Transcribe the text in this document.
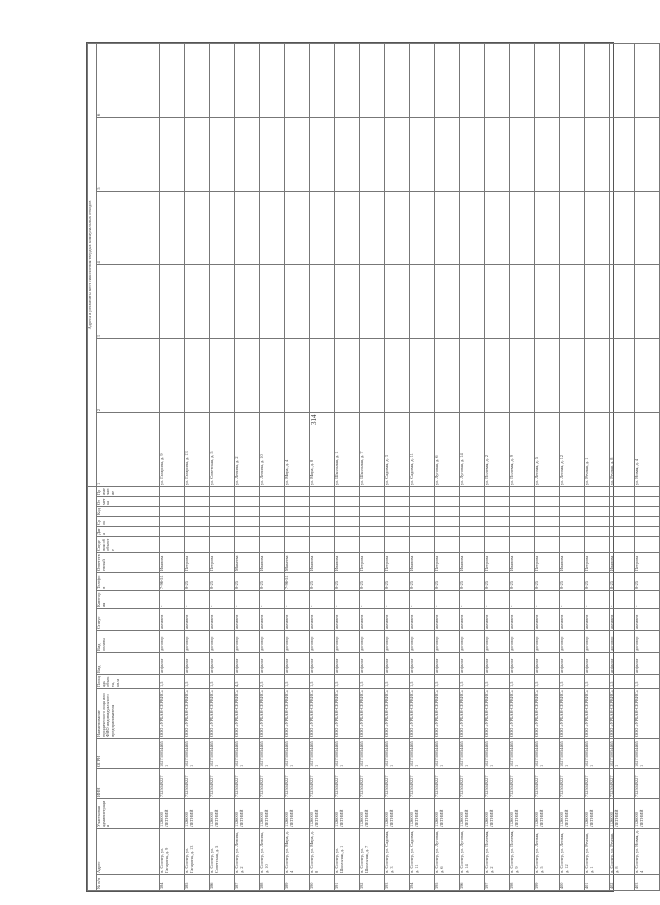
314
																			Адреса и реквизиты мест накопления твердых коммунальных отходов					
№ п/п	Адрес	Участковая администрация	ИНН	ОГРН	Наименование юридического лица или ФИО индивидуального предпринимателя	Площадь объекта, кв.м	Вид	Вид оплаты	Статус	Категория	Телефон	Ответственный	Сведения об объекте	Дата	Срок	Код	Отметка	Примечание	1	2	3	4	5	6
384	п. Соснер, ул. Гагарина, д. 9	1126000 ЛЕТНИЙ	7325049227	1027300544651	ООО «УРБАН-СЕРВИС»	1,5	асфальт	договор	активен	-	7-96-51	Иванова							ул. Гагарина, д. 9					
385	п. Соснер, ул. Гагарина, д. 13	1126000 ЛЕТНИЙ	7325049227	1027300544651	ООО «УРБАН-СЕРВИС»	1,5	асфальт	договор	активен	-	8-25	Петрова							ул. Гагарина, д. 13					
386	п. Соснер, ул. Советская, д. 5	1126000 ЛЕТНИЙ	7325049227	1027300544651	ООО «УРБАН-СЕРВИС»	1,5	асфальт	договор	активен	-	8-25	Петрова							ул. Советская, д. 5					
387	п. Соснер, ул. Ленина, д. 2	1126000 ЛЕТНИЙ	7325049227	1027300544651	ООО «УРБАН-СЕРВИС»	4,5	асфальт	договор	активен	-	8-25	Макеева							ул. Ленина, д. 2					
388	п. Соснер, ул. Ленина, д. 10	1126000 ЛЕТНИЙ	7325049227	1027300544651	ООО «УРБАН-СЕРВИС»	2,5	асфальт	договор	активен	-	8-25	Иванова							ул. Ленина, д. 10					
389	п. Соснер, ул. Мира, д. 4	1126000 ЛЕТНИЙ	7325049227	1027300544651	ООО «УРБАН-СЕРВИС»	1,5	асфальт	договор	активен	-	7-96-51	Макеева							ул. Мира, д. 4					
390	п. Соснер, ул. Мира, д. 8	1126000 ЛЕТНИЙ	7325049227	1027300544651	ООО «УРБАН-СЕРВИС»	1,5	асфальт	договор	активен	-	8-25	Иванова							ул. Мира, д. 8					
391	п. Соснер, ул. Школьная, д. 1	1126000 ЛЕТНИЙ	7325049227	1027300544651	ООО «УРБАН-СЕРВИС»	1,5	асфальт	договор	активен	-	8-25	Иванова							ул. Школьная, д. 1					
392	п. Соснер, ул. Школьная, д. 7	1126000 ЛЕТНИЙ	7325049227	1027300544651	ООО «УРБАН-СЕРВИС»	1,5	асфальт	договор	активен	-	8-25	Петрова							ул. Школьная, д. 7					
393	п. Соснер, ул. Садовая, д. 3	1126000 ЛЕТНИЙ	7325049227	1027300544651	ООО «УРБАН-СЕРВИС»	1,5	асфальт	договор	активен	-	8-25	Петрова							ул. Садовая, д. 3					
394	п. Соснер, ул. Садовая, д. 11	1126000 ЛЕТНИЙ	7325049227	1027300544651	ООО «УРБАН-СЕРВИС»	1,5	асфальт	договор	активен	-	8-25	Иванова							ул. Садовая, д. 11					
395	п. Соснер, ул. Луговая, д. 6	1126000 ЛЕТНИЙ	7325049227	1027300544651	ООО «УРБАН-СЕРВИС»	1,5	асфальт	договор	активен	-	8-25	Петрова							ул. Луговая, д. 6					
396	п. Соснер, ул. Луговая, д. 14	1126000 ЛЕТНИЙ	7325049227	1027300544651	ООО «УРБАН-СЕРВИС»	1,5	асфальт	договор	активен	-	8-25	Иванова							ул. Луговая, д. 14					
397	п. Соснер, ул. Полевая, д. 2	1126000 ЛЕТНИЙ	7325049227	1027300544651	ООО «УРБАН-СЕРВИС»	1,5	асфальт	договор	активен	-	8-25	Петрова							ул. Полевая, д. 2					
398	п. Соснер, ул. Полевая, д. 9	1126000 ЛЕТНИЙ	7325049227	1027300544651	ООО «УРБАН-СЕРВИС»	1,5	асфальт	договор	активен	-	8-25	Иванова							ул. Полевая, д. 9					
399	п. Соснер, ул. Лесная, д. 5	1126000 ЛЕТНИЙ	7325049227	1027300544651	ООО «УРБАН-СЕРВИС»	1,5	асфальт	договор	активен	-	8-25	Петрова							ул. Лесная, д. 5					
400	п. Соснер, ул. Лесная, д. 12	1126000 ЛЕТНИЙ	7325049227	1027300544651	ООО «УРБАН-СЕРВИС»	1,5	асфальт	договор	активен	-	8-25	Иванова							ул. Лесная, д. 12					
401	п. Соснер, ул. Речная, д. 1	1126000 ЛЕТНИЙ	7325049227	1027300544651	ООО «УРБАН-СЕРВИС»	1,5	асфальт	договор	активен	-	8-25	Петрова							ул. Речная, д. 1					
402	п. Соснер, ул. Речная, д. 8	1126000 ЛЕТНИЙ	7325049227	1027300544651	ООО «УРБАН-СЕРВИС»	1,5	асфальт	договор	активен	-	8-25	Иванова							ул. Речная, д. 8					
403	п. Соснер, ул. Новая, д. 4	1126000 ЛЕТНИЙ	7325049227	1027300544651	ООО «УРБАН-СЕРВИС»	1,5	асфальт	договор	активен	-	8-25	Петрова							ул. Новая, д. 4					
